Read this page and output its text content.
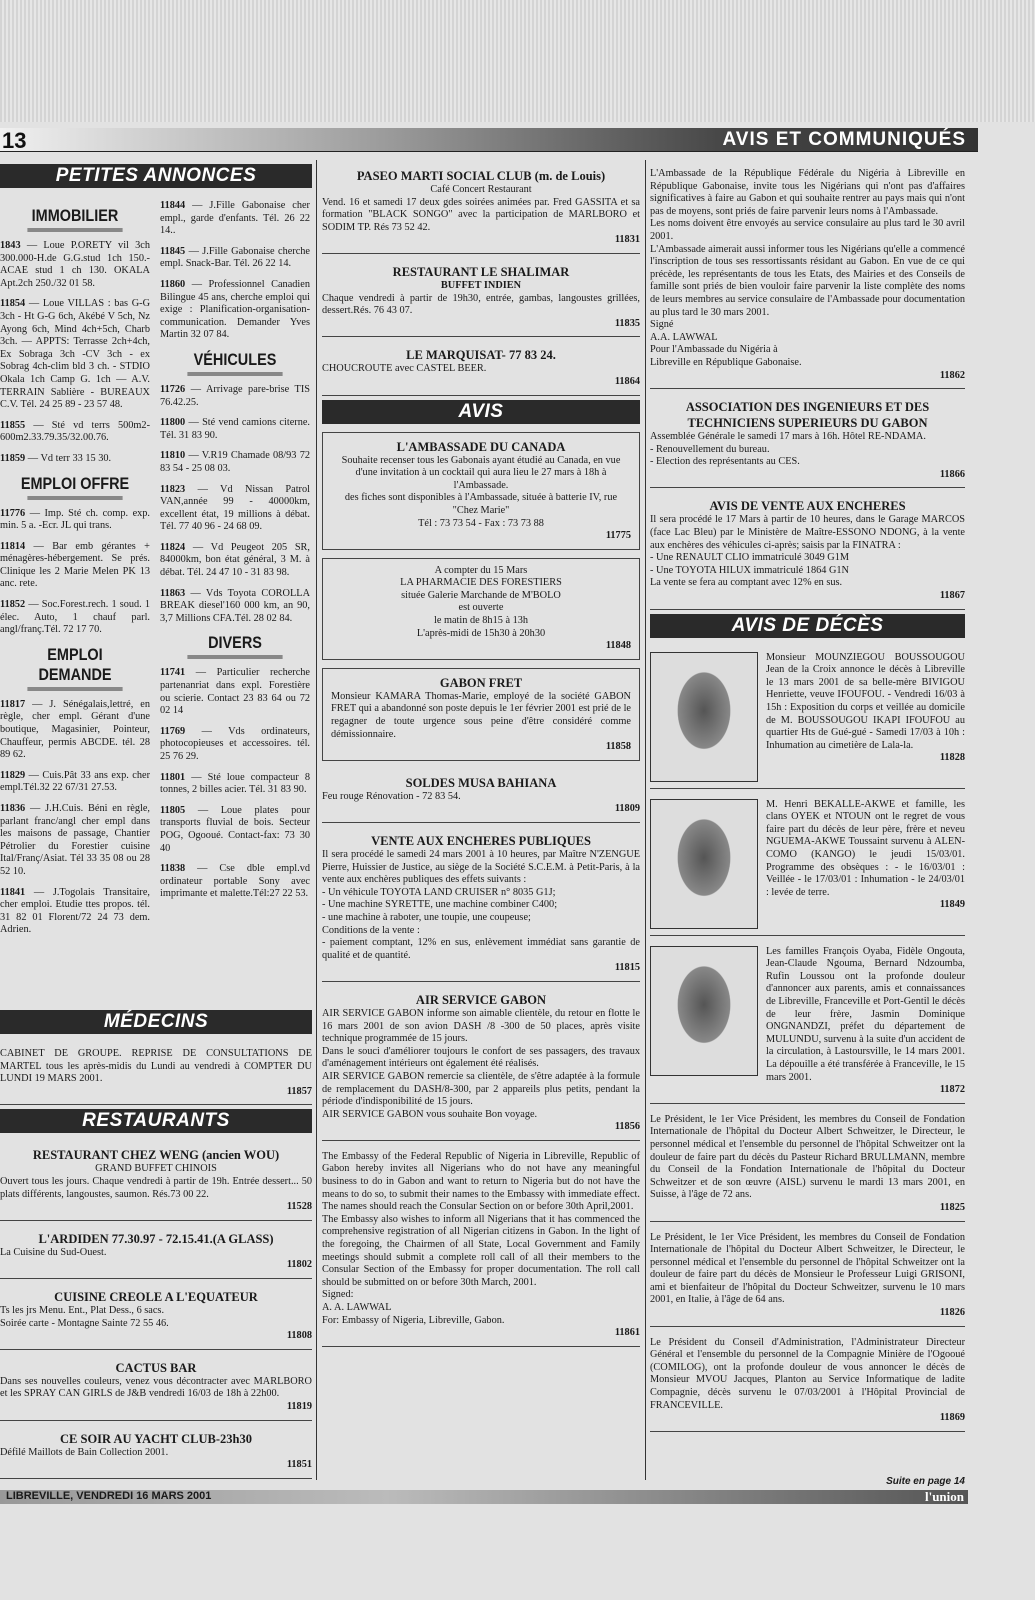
13	AVIS ET COMMUNIQUÉS
PETITES ANNONCES
IMMOBILIER
1843 — Loue P.ORETY vil 3ch 300.000-H.de G.G.stud 1ch 150.-ACAE stud 1 ch 130. OKALA Apt.2ch 250./32 01 58.
11854 — Loue VILLAS : bas G-G 3ch - Ht G-G 6ch, Akébé V 5ch, Nz Ayong 6ch, Mind 4ch+5ch, Charb 3ch. — APPTS: Terrasse 2ch+4ch, Ex Sobraga 3ch -CV 3ch - ex Sobrag 4ch-clim bld 3 ch. - STDIO Okala 1ch Camp G. 1ch — A.V. TERRAIN Sablière - BUREAUX C.V. Tél. 24 25 89 - 23 57 48.
11855 — Sté vd terrs 500m2-600m2.33.79.35/32.00.76.
11859 — Vd terr 33 15 30.
EMPLOI OFFRE
11776 — Imp. Sté ch. comp. exp. min. 5 a. -Ecr. JL qui trans.
11814 — Bar emb gérantes + ménagères-hébergement. Se prés. Clinique les 2 Marie Melen PK 13 anc. rete.
11852 — Soc.Forest.rech. 1 soud. 1 élec. Auto, 1 chauf parl. angl/franç.Tél. 72 17 70.
EMPLOI DEMANDE
11817 — J. Sénégalais,lettré, en règle, cher empl. Gérant d'une boutique, Magasinier, Pointeur, Chauffeur, permis ABCDE. tél. 28 89 62.
11829 — Cuis.Pât 33 ans exp. cher empl.Tél.32 22 67/31 27.53.
11836 — J.H.Cuis. Béni en règle, parlant franc/angl cher empl dans les maisons de passage, Chantier Pétrolier du Forestier cuisine Ital/Franç/Asiat. Tél 33 35 08 ou 28 52 10.
11841 — J.Togolais Transitaire, cher emploi. Etudie ttes propos. tél. 31 82 01 Florent/72 24 73 dem. Adrien.
11844 — J.Fille Gabonaise cher empl., garde d'enfants. Tél. 26 22 14..
11845 — J.Fille Gabonaise cherche empl. Snack-Bar. Tél. 26 22 14.
11860 — Professionnel Canadien Bilingue 45 ans, cherche emploi qui exige : Planification-organisation-communication. Demander Yves Martin 32 07 84.
VÉHICULES
11726 — Arrivage pare-brise TIS 76.42.25.
11800 — Sté vend camions citerne. Tél. 31 83 90.
11810 — V.R19 Chamade 08/93 72 83 54 - 25 08 03.
11823 — Vd Nissan Patrol VAN,année 99 - 40000km, excellent état, 19 millions à débat. Tél. 77 40 96 - 24 68 09.
11824 — Vd Peugeot 205 SR, 84000km, bon état général, 3 M. à débat. Tél. 24 47 10 - 31 83 98.
11863 — Vds Toyota COROLLA BREAK diesel'160 000 km, an 90, 3,7 Millions CFA.Tél. 28 02 84.
DIVERS
11741 — Particulier recherche partenanriat dans expl. Forestière ou scierie. Contact 23 83 64 ou 72 02 14
11769 — Vds ordinateurs, photocopieuses et accessoires. tél. 25 76 29.
11801 — Sté loue compacteur 8 tonnes, 2 billes acier. Tél. 31 83 90.
11805 — Loue plates pour transports fluvial de bois. Secteur POG, Ogooué. Contact-fax: 73 30 40
11838 — Cse dble empl.vd ordinateur portable Sony avec imprimante et malette.Tél:27 22 53.
MÉDECINS
CABINET DE GROUPE. REPRISE DE CONSULTATIONS DE MARTEL tous les après-midis du Lundi au vendredi à COMPTER DU LUNDI 19 MARS 2001.
11857
RESTAURANTS
RESTAURANT CHEZ WENG (ancien WOU)
GRAND BUFFET CHINOIS
Ouvert tous les jours. Chaque vendredi à partir de 19h. Entrée dessert... 50 plats différents, langoustes, saumon. Rés.73 00 22.
11528
L'ARDIDEN 77.30.97 - 72.15.41.(A GLASS)
La Cuisine du Sud-Ouest.
11802
CUISINE CREOLE A L'EQUATEUR
Ts les jrs Menu. Ent., Plat Dess., 6 sacs.
Soirée carte - Montagne Sainte 72 55 46.
11808
CACTUS BAR
Dans ses nouvelles couleurs, venez vous décontracter avec MARLBORO et les SPRAY CAN GIRLS de J&B vendredi 16/03 de 18h à 22h00.
11819
CE SOIR AU YACHT CLUB-23h30
Défilé Maillots de Bain Collection 2001.
11851
PASEO MARTI SOCIAL CLUB (m. de Louis)
Café Concert Restaurant
Vend. 16 et samedi 17 deux gdes soirées animées par. Fred GASSITA et sa formation "BLACK SONGO" avec la participation de MARLBORO et SODIM TP. Rés 73 52 42.
11831
RESTAURANT LE SHALIMAR
BUFFET INDIEN
Chaque vendredi à partir de 19h30, entrée, gambas, langoustes grillées, dessert.Rés. 76 43 07.
11835
LE MARQUISAT- 77 83 24.
CHOUCROUTE avec CASTEL BEER.
11864
AVIS
L'AMBASSADE DU CANADA
Souhaite recenser tous les Gabonais ayant étudié au Canada, en vue d'une invitation à un cocktail qui aura lieu le 27 mars à 18h à l'Ambassade.
des fiches sont disponibles à l'Ambassade, située à batterie IV, rue "Chez Marie"
Tél : 73 73 54 - Fax : 73 73 88
11775
A compter du 15 Mars
LA PHARMACIE DES FORESTIERS
située Galerie Marchande de M'BOLO
est ouverte
le matin de 8h15 à 13h
L'après-midi de 15h30 à 20h30
11848
GABON FRET
Monsieur KAMARA Thomas-Marie, employé de la société GABON FRET qui a abandonné son poste depuis le 1er février 2001 est prié de le regagner de toute urgence sous peine d'être considéré comme démissionnaire.
11858
SOLDES MUSA BAHIANA
Feu rouge Rénovation - 72 83 54.
11809
VENTE AUX ENCHERES PUBLIQUES
Il sera procédé le samedi 24 mars 2001 à 10 heures, par Maître N'ZENGUE Pierre, Huissier de Justice, au siège de la Société S.C.E.M. à Petit-Paris, à la vente aux enchères publiques des effets suivants :
- Un véhicule TOYOTA LAND CRUISER n° 8035 G1J;
- Une machine SYRETTE, une machine combiner C400;
- une machine à raboter, une toupie, une coupeuse;
Conditions de la vente :
- paiement comptant, 12% en sus, enlèvement immédiat sans garantie de qualité et de quantité.
11815
AIR SERVICE GABON
AIR SERVICE GABON informe son aimable clientèle, du retour en flotte le 16 mars 2001 de son avion DASH /8 -300 de 50 places, après visite technique programmée de 15 jours.
Dans le souci d'améliorer toujours le confort de ses passagers, des travaux d'aménagement intérieurs ont également été réalisés.
AIR SERVICE GABON remercie sa clientèle, de s'être adaptée à la formule de remplacement du DASH/8-300, par 2 appareils plus petits, pendant la période d'indisponibilité de 15 jours.
AIR SERVICE GABON vous souhaite Bon voyage.
11856
The Embassy of the Federal Republic of Nigeria in Libreville, Republic of Gabon hereby invites all Nigerians who do not have any meaningful business to do in Gabon and want to return to Nigeria but do not have the means to do so, to submit their names to the Embassy with immediate effect. The names should reach the Consular Section on or before 30th April,2001.
The Embassy also wishes to inform all Nigerians that it has commenced the comprehensive registration of all Nigerian citizens in Gabon. In the light of the foregoing, the Chairmen of all State, Local Government and Family meetings should submit a complete roll call of all their members to the Consular Section of the Embassy for proper documentation. The roll call should be submitted on or before 30th March, 2001.
Signed:
A. A. LAWWAL
For: Embassy of Nigeria, Libreville, Gabon.
11861
L'Ambassade de la République Fédérale du Nigéria à Libreville en République Gabonaise, invite tous les Nigérians qui n'ont pas d'affaires significatives à faire au Gabon et qui souhaite rentrer au pays mais qui n'ont pas de moyens, sont priés de faire parvenir leurs noms à l'Ambassade.
Les noms doivent être envoyés au service consulaire au plus tard le 30 avril 2001.
L'Ambassade aimerait aussi informer tous les Nigérians qu'elle a commencé l'inscription de tous ses ressortissants résidant au Gabon. En vue de ce qui précède, les représentants de tous les Etats, des Mairies et des Conseils de famille sont priés de bien vouloir faire parvenir la liste complète des noms de leurs membres au service consulaire de l'Ambassade pour documentation au plus tard le 30 mars 2001.
Signé
A.A. LAWWAL
Pour l'Ambassade du Nigéria à
Libreville en République Gabonaise.
11862
ASSOCIATION DES INGENIEURS ET DES TECHNICIENS SUPERIEURS DU GABON
Assemblée Générale le samedi 17 mars à 16h. Hôtel RE-NDAMA.
- Renouvellement du bureau.
- Election des représentants au CES.
11866
AVIS DE VENTE AUX ENCHERES
Il sera procédé le 17 Mars à partir de 10 heures, dans le Garage MARCOS (face Lac Bleu) par le Ministère de Maître-ESSONO NDONG, à la vente aux enchères des véhicules ci-après; saisis par la FINATRA :
- Une RENAULT CLIO immatriculé 3049 G1M
- Une TOYOTA HILUX immatriculé 1864 G1N
La vente se fera au comptant avec 12% en sus.
11867
AVIS DE DÉCÈS
Monsieur MOUNZIEGOU BOUSSOUGOU Jean de la Croix annonce le décès à Libreville le 13 mars 2001 de sa belle-mère BIVIGOU Henriette, veuve IFOUFOU. - Vendredi 16/03 à 15h : Exposition du corps et veillée au domicile de M. BOUSSOUGOU IKAPI IFOUFOU au quartier Hts de Gué-gué - Samedi 17/03 à 10h : Inhumation au cimetière de Lala-la.
11828
M. Henri BEKALLE-AKWE et famille, les clans OYEK et NTOUN ont le regret de vous faire part du décès de leur père, frère et neveu NGUEMA-AKWE Toussaint survenu à ALEN-COMO (KANGO) le jeudi 15/03/01. Programme des obsèques : - le 16/03/01 : Veillée - le 17/03/01 : Inhumation - le 24/03/01 : levée de terre.
11849
Les familles François Oyaba, Fidèle Ongouta, Jean-Claude Ngouma, Bernard Ndzoumba, Rufin Loussou ont la profonde douleur d'annoncer aux parents, amis et connaissances de Libreville, Franceville et Port-Gentil le décès de leur frère, Jasmin Dominique ONGNANDZI, préfet du département de MULUNDU, survenu à la suite d'un accident de la circulation, à Lastoursville, le 14 mars 2001. La dépouille a été transférée à Franceville, le 15 mars 2001.
11872
Le Président, le 1er Vice Président, les membres du Conseil de Fondation Internationale de l'hôpital du Docteur Albert Schweitzer, le Directeur, le personnel médical et l'ensemble du personnel de l'hôpital Schweitzer ont la douleur de faire part du décès du Pasteur Richard BRULLMANN, membre du Conseil de la Fondation Internationale de l'hôpital du Docteur Schweitzer et de son œuvre (AISL) survenu le mardi 13 mars 2001, en Suisse, à l'âge de 72 ans.
11825
Le Président, le 1er Vice Président, les membres du Conseil de Fondation Internationale de l'hôpital du Docteur Albert Schweitzer, le Directeur, le personnel médical et l'ensemble du personnel de l'hôpital Schweitzer ont la douleur de faire part du décès de Monsieur le Professeur Luigi GRISONI, ami et bienfaiteur de l'hôpital du Docteur Schweitzer, survenu le 10 mars 2001, en Italie, à l'âge de 64 ans.
11826
Le Président du Conseil d'Administration, l'Administrateur Directeur Général et l'ensemble du personnel de la Compagnie Minière de l'Ogooué (COMILOG), ont la profonde douleur de vous annoncer le décès de Monsieur MVOU Jacques, Planton au Service Informatique de ladite Compagnie, décès survenu le 07/03/2001 à l'Hôpital Provincial de FRANCEVILLE.
11869
Suite en page 14
LIBREVILLE, VENDREDI 16 MARS 2001	l'union
